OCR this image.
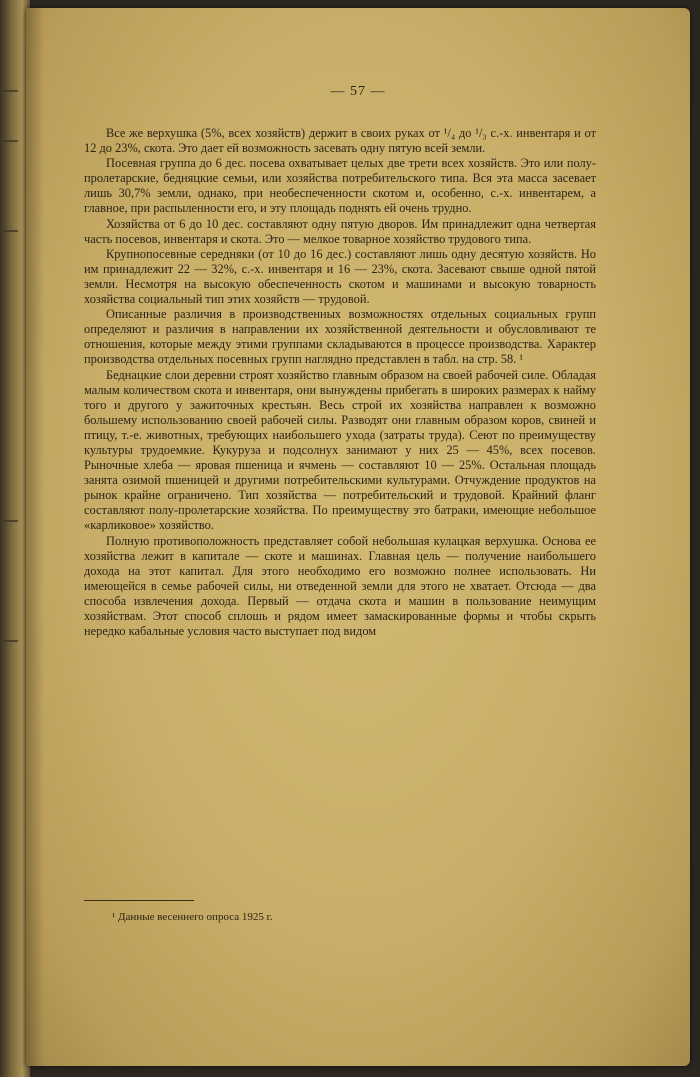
— 57 —

Все же верхушка (5%, всех хозяйств) держит в своих руках от ¹/₄ до ¹/₃ с.-х. инвентаря и от 12 до 23%, скота. Это дает ей возможность засевать одну пятую всей земли.

Посевная группа до 6 дес. посева охватывает целых две трети всех хозяйств. Это или полу-пролетарские, бедняцкие семьи, или хозяйства потребительского типа. Вся эта масса засевает лишь 30,7% земли, однако, при необеспеченности скотом и, особенно, с.-х. инвентарем, а главное, при распыленности его, и эту площадь поднять ей очень трудно.

Хозяйства от 6 до 10 дес. составляют одну пятую дворов. Им принадлежит одна четвертая часть посевов, инвентаря и скота. Это — мелкое товарное хозяйство трудового типа.

Крупнопосевные середняки (от 10 до 16 дес.) составляют лишь одну десятую хозяйств. Но им принадлежит 22 — 32%, с.-х. инвентаря и 16 — 23%, скота. Засевают свыше одной пятой земли. Несмотря на высокую обеспеченность скотом и машинами и высокую товарность хозяйства социальный тип этих хозяйств — трудовой.

Описанные различия в производственных возможностях отдельных социальных групп определяют и различия в направлении их хозяйственной деятельности и обусловливают те отношения, которые между этими группами складываются в процессе производства. Характер производства отдельных посевных групп наглядно представлен в табл. на стр. 58. ¹

Беднацкие слои деревни строят хозяйство главным образом на своей рабочей силе. Обладая малым количеством скота и инвентаря, они вынуждены прибегать в широких размерах к найму того и другого у зажиточных крестьян. Весь строй их хозяйства направлен к возможно большему использованию своей рабочей силы. Разводят они главным образом коров, свиней и птицу, т.-е. животных, требующих наибольшего ухода (затраты труда). Сеют по преимуществу культуры трудоемкие. Кукуруза и подсолнух занимают у них 25 — 45%, всех посевов. Рыночные хлеба — яровая пшеница и ячмень — составляют 10 — 25%. Остальная площадь занята озимой пшеницей и другими потребительскими культурами. Отчуждение продуктов на рынок крайне ограничено. Тип хозяйства — потребительский и трудовой. Крайний фланг составляют полу-пролетарские хозяйства. По преимуществу это батраки, имеющие небольшое «карликовое» хозяйство.

Полную противоположность представляет собой небольшая кулацкая верхушка. Основа ее хозяйства лежит в капитале — скоте и машинах. Главная цель — получение наибольшего дохода на этот капитал. Для этого необходимо его возможно полнее использовать. Ни имеющейся в семье рабочей силы, ни отведенной земли для этого не хватает. Отсюда — два способа извлечения дохода. Первый — отдача скота и машин в пользование неимущим хозяйствам. Этот способ сплошь и рядом имеет замаскированные формы и чтобы скрыть нередко кабальные условия часто выступает под видом

¹ Данные весеннего опроса 1925 г.
